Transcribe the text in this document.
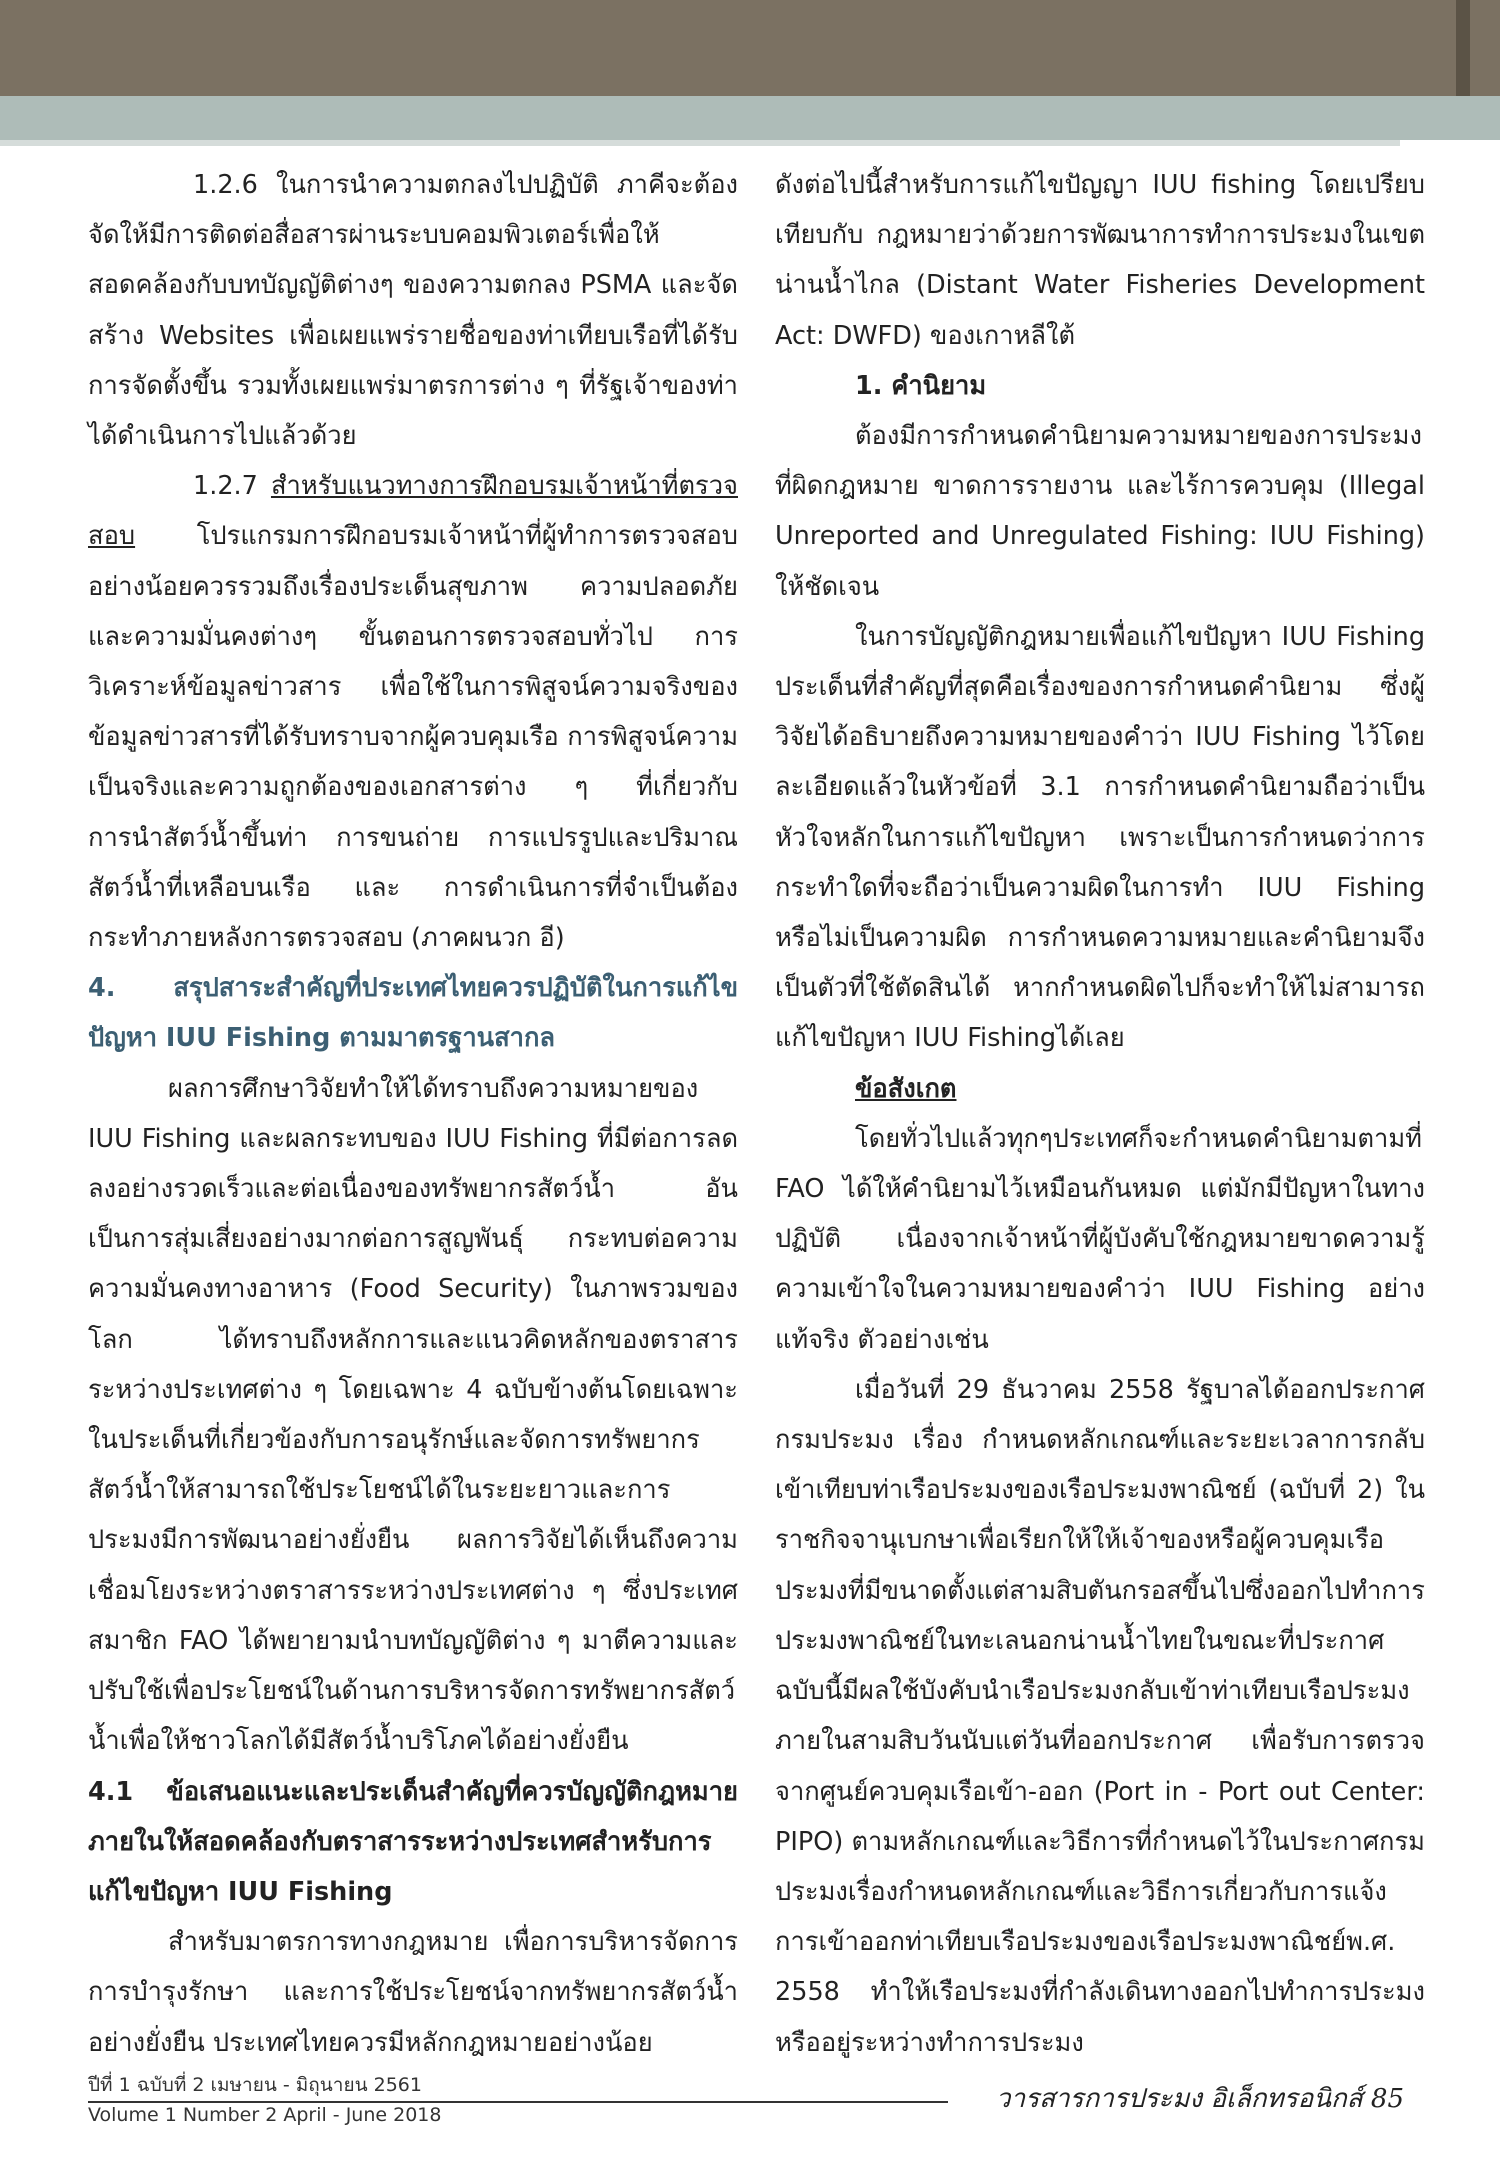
1.2.6 ในการนำความตกลงไปปฏิบัติ ภาคีจะต้องจัดให้มีการติดต่อสื่อสารผ่านระบบคอมพิวเตอร์เพื่อให้สอดคล้องกับบทบัญญัติต่างๆ ของความตกลง PSMA และจัดสร้าง Websites เพื่อเผยแพร่รายชื่อของท่าเทียบเรือที่ได้รับการจัดตั้งขึ้น รวมทั้งเผยแพร่มาตรการต่าง ๆ ที่รัฐเจ้าของท่าได้ดำเนินการไปแล้วด้วย

1.2.7 สำหรับแนวทางการฝึกอบรมเจ้าหน้าที่ตรวจสอบ โปรแกรมการฝึกอบรมเจ้าหน้าที่ผู้ทำการตรวจสอบ อย่างน้อยควรรวมถึงเรื่องประเด็นสุขภาพ ความปลอดภัยและความมั่นคงต่างๆ ขั้นตอนการตรวจสอบทั่วไป การวิเคราะห์ข้อมูลข่าวสาร เพื่อใช้ในการพิสูจน์ความจริงของข้อมูลข่าวสารที่ได้รับทราบจากผู้ควบคุมเรือ การพิสูจน์ความเป็นจริงและความถูกต้องของเอกสารต่าง ๆ ที่เกี่ยวกับ การนำสัตว์น้ำขึ้นท่า การขนถ่าย การแปรรูปและปริมาณสัตว์น้ำที่เหลือบนเรือ และ การดำเนินการที่จำเป็นต้องกระทำภายหลังการตรวจสอบ (ภาคผนวก อี)

4. สรุปสาระสำคัญที่ประเทศไทยควรปฏิบัติในการแก้ไขปัญหา IUU Fishing ตามมาตรฐานสากล

ผลการศึกษาวิจัยทำให้ได้ทราบถึงความหมายของ IUU Fishing และผลกระทบของ IUU Fishing ที่มีต่อการลดลงอย่างรวดเร็วและต่อเนื่องของทรัพยากรสัตว์น้ำ อันเป็นการสุ่มเสี่ยงอย่างมากต่อการสูญพันธุ์ กระทบต่อความความมั่นคงทางอาหาร (Food Security) ในภาพรวมของโลก ได้ทราบถึงหลักการและแนวคิดหลักของตราสารระหว่างประเทศต่าง ๆ โดยเฉพาะ 4 ฉบับข้างต้นโดยเฉพาะในประเด็นที่เกี่ยวข้องกับการอนุรักษ์และจัดการทรัพยากรสัตว์น้ำให้สามารถใช้ประโยชน์ได้ในระยะยาวและการประมงมีการพัฒนาอย่างยั่งยืน ผลการวิจัยได้เห็นถึงความเชื่อมโยงระหว่างตราสารระหว่างประเทศต่าง ๆ ซึ่งประเทศสมาชิก FAO ได้พยายามนำบทบัญญัติต่าง ๆ มาตีความและปรับใช้เพื่อประโยชน์ในด้านการบริหารจัดการทรัพยากรสัตว์น้ำเพื่อให้ชาวโลกได้มีสัตว์น้ำบริโภคได้อย่างยั่งยืน

4.1 ข้อเสนอแนะและประเด็นสำคัญที่ควรบัญญัติกฎหมายภายในให้สอดคล้องกับตราสารระหว่างประเทศสำหรับการแก้ไขปัญหา IUU Fishing

สำหรับมาตรการทางกฎหมาย เพื่อการบริหารจัดการ การบำรุงรักษา และการใช้ประโยชน์จากทรัพยากรสัตว์น้ำอย่างยั่งยืน ประเทศไทยควรมีหลักกฎหมายอย่างน้อย

ดังต่อไปนี้สำหรับการแก้ไขปัญญา IUU fishing โดยเปรียบเทียบกับ กฎหมายว่าด้วยการพัฒนาการทำการประมงในเขตน่านน้ำไกล (Distant Water Fisheries Development Act: DWFD) ของเกาหลีใต้

1. คำนิยาม

ต้องมีการกำหนดคำนิยามความหมายของการประมงที่ผิดกฎหมาย ขาดการรายงาน และไร้การควบคุม (Illegal Unreported and Unregulated Fishing: IUU Fishing) ให้ชัดเจน

ในการบัญญัติกฎหมายเพื่อแก้ไขปัญหา IUU Fishing ประเด็นที่สำคัญที่สุดคือเรื่องของการกำหนดคำนิยาม ซึ่งผู้วิจัยได้อธิบายถึงความหมายของคำว่า IUU Fishing ไว้โดยละเอียดแล้วในหัวข้อที่ 3.1 การกำหนดคำนิยามถือว่าเป็นหัวใจหลักในการแก้ไขปัญหา เพราะเป็นการกำหนดว่าการกระทำใดที่จะถือว่าเป็นความผิดในการทำ IUU Fishing หรือไม่เป็นความผิด การกำหนดความหมายและคำนิยามจึงเป็นตัวที่ใช้ตัดสินได้ หากกำหนดผิดไปก็จะทำให้ไม่สามารถแก้ไขปัญหา IUU Fishingได้เลย

ข้อสังเกต

โดยทั่วไปแล้วทุกๆประเทศก็จะกำหนดคำนิยามตามที่ FAO ได้ให้คำนิยามไว้เหมือนกันหมด แต่มักมีปัญหาในทางปฏิบัติ เนื่องจากเจ้าหน้าที่ผู้บังคับใช้กฎหมายขาดความรู้ความเข้าใจในความหมายของคำว่า IUU Fishing อย่างแท้จริง ตัวอย่างเช่น

เมื่อวันที่ 29 ธันวาคม 2558 รัฐบาลได้ออกประกาศกรมประมง เรื่อง กำหนดหลักเกณฑ์และระยะเวลาการกลับเข้าเทียบท่าเรือประมงของเรือประมงพาณิชย์ (ฉบับที่ 2) ในราชกิจจานุเบกษาเพื่อเรียกให้ให้เจ้าของหรือผู้ควบคุมเรือประมงที่มีขนาดตั้งแต่สามสิบตันกรอสขึ้นไปซึ่งออกไปทำการประมงพาณิชย์ในทะเลนอกน่านน้ำไทยในขณะที่ประกาศฉบับนี้มีผลใช้บังคับนำเรือประมงกลับเข้าท่าเทียบเรือประมงภายในสามสิบวันนับแต่วันที่ออกประกาศ เพื่อรับการตรวจจากศูนย์ควบคุมเรือเข้า-ออก (Port in - Port out Center: PIPO) ตามหลักเกณฑ์และวิธีการที่กำหนดไว้ในประกาศกรมประมงเรื่องกำหนดหลักเกณฑ์และวิธีการเกี่ยวกับการแจ้งการเข้าออกท่าเทียบเรือประมงของเรือประมงพาณิชย์พ.ศ. 2558 ทำให้เรือประมงที่กำลังเดินทางออกไปทำการประมงหรืออยู่ระหว่างทำการประมง

ปีที่ 1 ฉบับที่ 2 เมษายน - มิถุนายน 2561
Volume 1 Number 2 April - June 2018
วารสารการประมง อิเล็กทรอนิกส์ 85
